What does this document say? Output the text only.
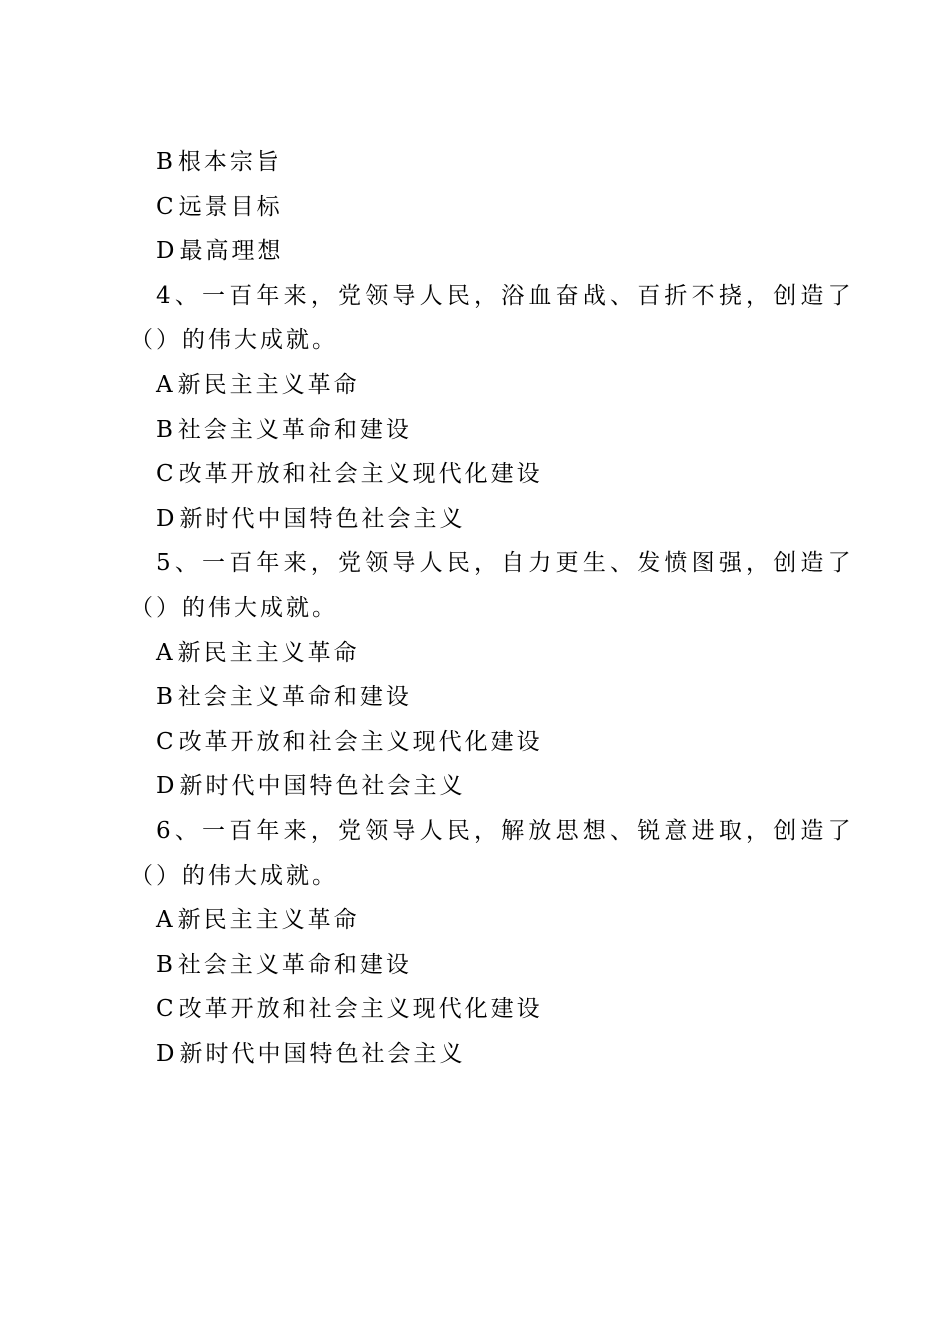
B根本宗旨
C远景目标
D最高理想
4、一百年来，党领导人民，浴血奋战、百折不挠，创造了
（）的伟大成就。
A新民主主义革命
B社会主义革命和建设
C改革开放和社会主义现代化建设
D新时代中国特色社会主义
5、一百年来，党领导人民，自力更生、发愤图强，创造了
（）的伟大成就。
A新民主主义革命
B社会主义革命和建设
C改革开放和社会主义现代化建设
D新时代中国特色社会主义
6、一百年来，党领导人民，解放思想、锐意进取，创造了
（）的伟大成就。
A新民主主义革命
B社会主义革命和建设
C改革开放和社会主义现代化建设
D新时代中国特色社会主义
